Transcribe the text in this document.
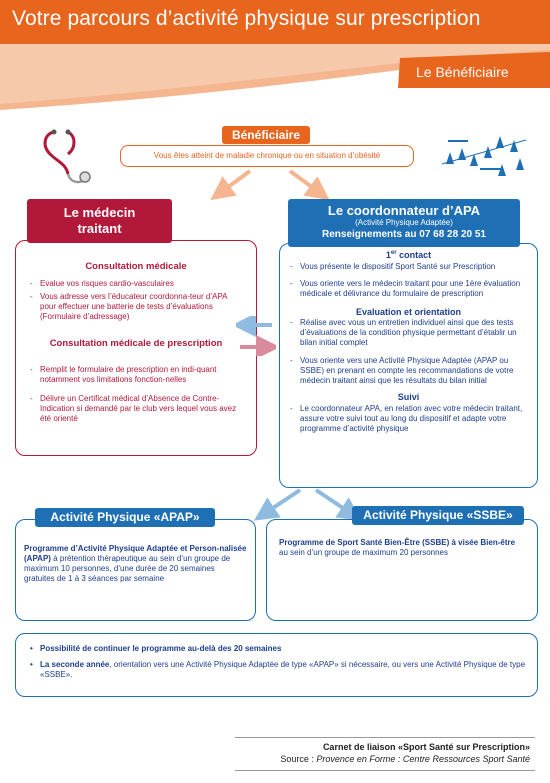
Votre parcours d’activité physique sur prescription
Le Bénéficiaire
Bénéficiaire
Vous êtes atteint de maladie chronique ou en situation d’obésité
Consultation médicale
- Evalue vos risques cardio-vasculaires
- Vous adresse vers l’éducateur coordonna-teur d’APA pour effectuer une batterie de tests d’évaluations (Formulaire d’adressage)
Consultation médicale de prescription
- Remplit le formulaire de prescription en indi-quant notamment vos limitations fonction-nelles
- Délivre un Certificat médical d’Absence de Contre-Indication si demandé par le club vers lequel vous avez été orienté
Le médecin
traitant
1er contact
- Vous présente le dispositif Sport Santé sur Prescription
- Vous oriente vers le médecin traitant pour une 1ère évaluation médicale et délivrance du formulaire de prescription
Evaluation et orientation
- Réalise avec vous un entretien individuel ainsi que des tests d’évaluations de la condition physique permettant d’établir un bilan initial complet
- Vous oriente vers une Activité Physique Adaptée (APAP ou SSBE) en prenant en compte les recommandations de votre médecin traitant ainsi que les résultats du bilan initial
Suivi
- Le coordonnateur APA, en relation avec votre médecin traitant, assure votre suivi tout au long du dispositif et adapte votre programme d’activité physique
Le coordonnateur d’APA
(Activité Physique Adaptée)
Renseignements au 07 68 28 20 51
Programme d’Activité Physique Adaptée et Person-nalisée (APAP) à prétention thérapeutique au sein d’un groupe de maximum 10 personnes, d’une durée de 20 semaines gratuites de 1 à 3 séances par semaine
Activité Physique «APAP»
Programme de Sport Santé Bien-Être (SSBE) à visée Bien-être au sein d’un groupe de maximum 20 personnes
Activité Physique «SSBE»
• Possibilité de continuer le programme au-delà des 20 semaines
• La seconde année, orientation vers une Activité Physique Adaptée de type «APAP» si nécessaire, ou vers une Activité Physique de type «SSBE».
Carnet de liaison «Sport Santé sur Prescription»
Source : Provence en Forme : Centre Ressources Sport Santé
